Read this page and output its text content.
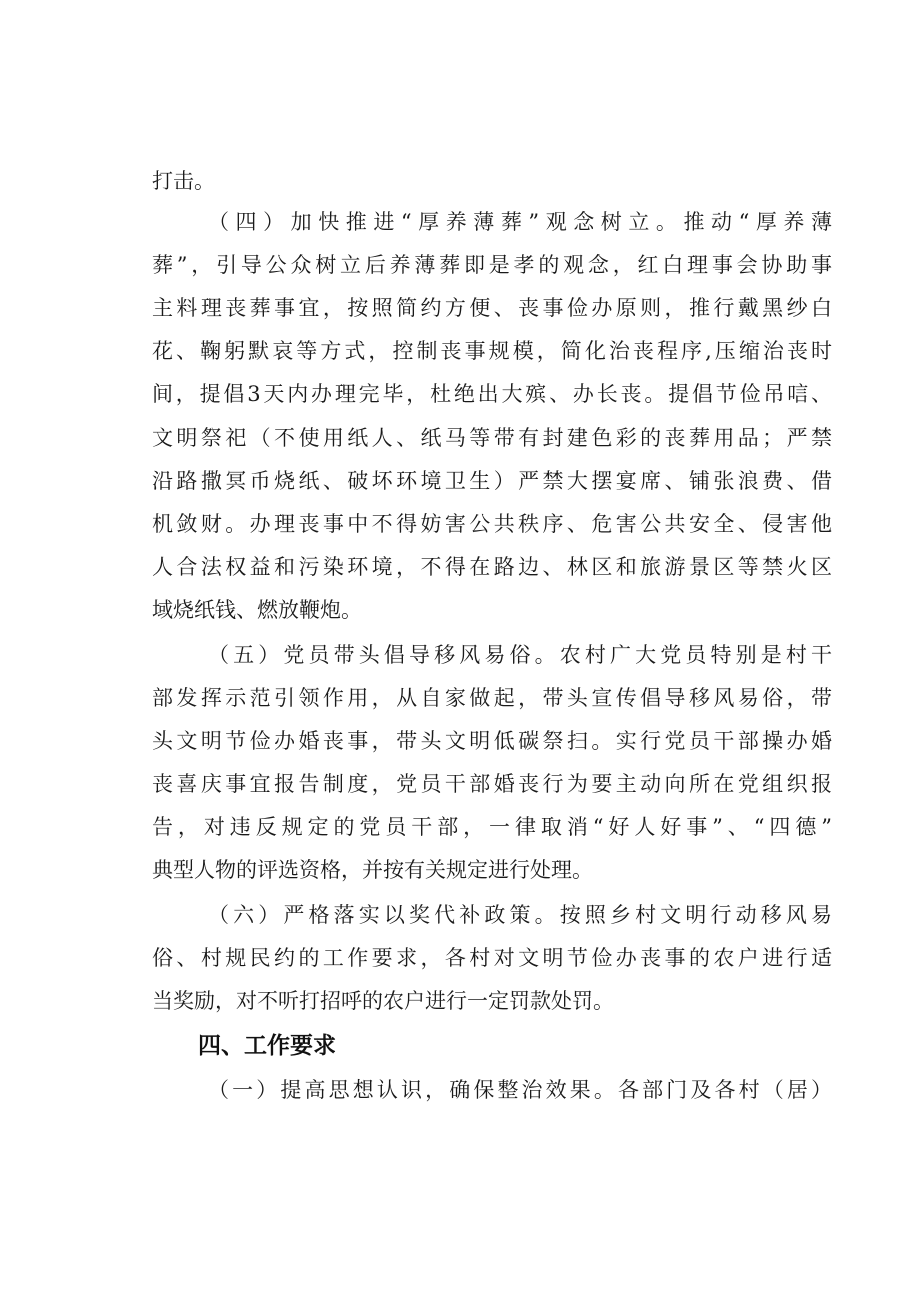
打击。
（四）加快推进“厚养薄葬”观念树立。推动“厚养薄
葬”，引导公众树立后养薄葬即是孝的观念，红白理事会协助事
主料理丧葬事宜，按照简约方便、丧事俭办原则，推行戴黑纱白
花、鞠躬默哀等方式，控制丧事规模，简化治丧程序,压缩治丧时
间，提倡3天内办理完毕，杜绝出大殡、办长丧。提倡节俭吊唁、
文明祭祀（不使用纸人、纸马等带有封建色彩的丧葬用品；严禁
沿路撒冥币烧纸、破坏环境卫生）严禁大摆宴席、铺张浪费、借
机敛财。办理丧事中不得妨害公共秩序、危害公共安全、侵害他
人合法权益和污染环境，不得在路边、林区和旅游景区等禁火区
域烧纸钱、燃放鞭炮。
（五）党员带头倡导移风易俗。农村广大党员特别是村干
部发挥示范引领作用，从自家做起，带头宣传倡导移风易俗，带
头文明节俭办婚丧事，带头文明低碳祭扫。实行党员干部操办婚
丧喜庆事宜报告制度，党员干部婚丧行为要主动向所在党组织报
告，对违反规定的党员干部，一律取消“好人好事”、“四德”
典型人物的评选资格，并按有关规定进行处理。
（六）严格落实以奖代补政策。按照乡村文明行动移风易
俗、村规民约的工作要求，各村对文明节俭办丧事的农户进行适
当奖励，对不听打招呼的农户进行一定罚款处罚。
四、工作要求
（一）提高思想认识，确保整治效果。各部门及各村（居）
